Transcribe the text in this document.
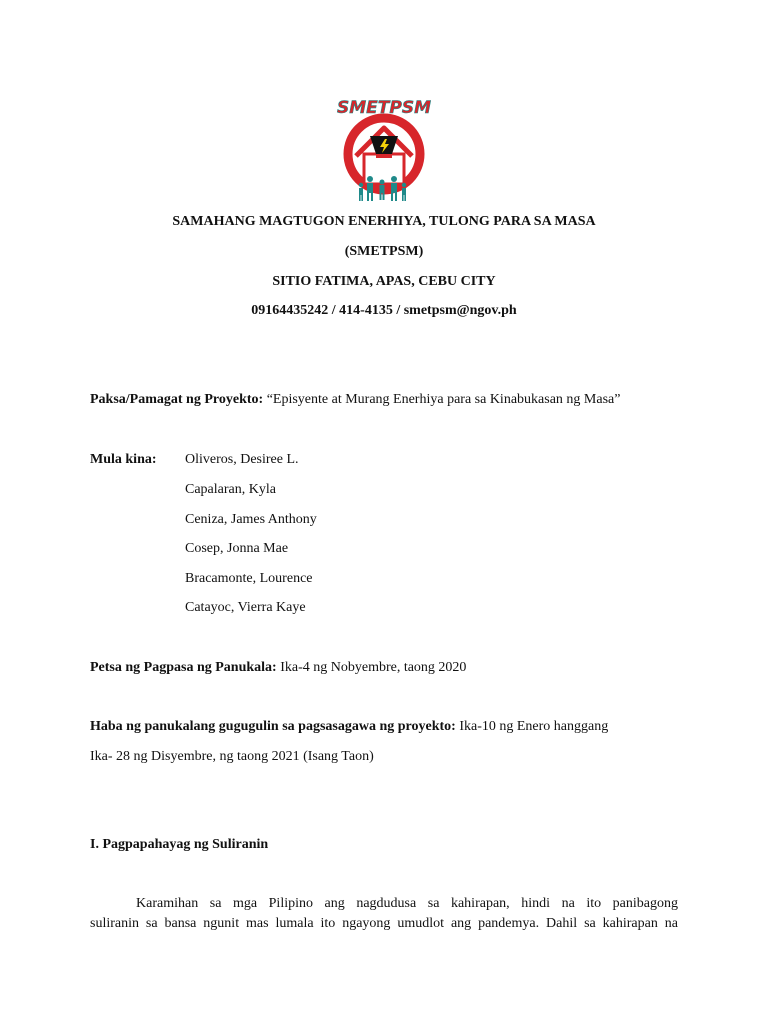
SMETPSM
SAMAHANG MAGTUGON ENERHIYA, TULONG PARA SA MASA
(SMETPSM)
SITIO FATIMA, APAS, CEBU CITY
09164435242 / 414-4135 / smetpsm@ngov.ph
Paksa/Pamagat ng Proyekto: “Episyente at Murang Enerhiya para sa Kinabukasan ng Masa”
Mula kina: Oliveros, Desiree L.
Capalaran, Kyla
Ceniza, James Anthony
Cosep, Jonna Mae
Bracamonte, Lourence
Catayoc, Vierra Kaye
Petsa ng Pagpasa ng Panukala: Ika-4 ng Nobyembre, taong 2020
Haba ng panukalang gugugulin sa pagsasagawa ng proyekto: Ika-10 ng Enero hanggang
Ika- 28 ng Disyembre, ng taong 2021 (Isang Taon)
I. Pagpapahayag ng Suliranin
Karamihan sa mga Pilipino ang nagdudusa sa kahirapan, hindi na ito panibagong
suliranin sa bansa ngunit mas lumala ito ngayong umudlot ang pandemya. Dahil sa kahirapan na
